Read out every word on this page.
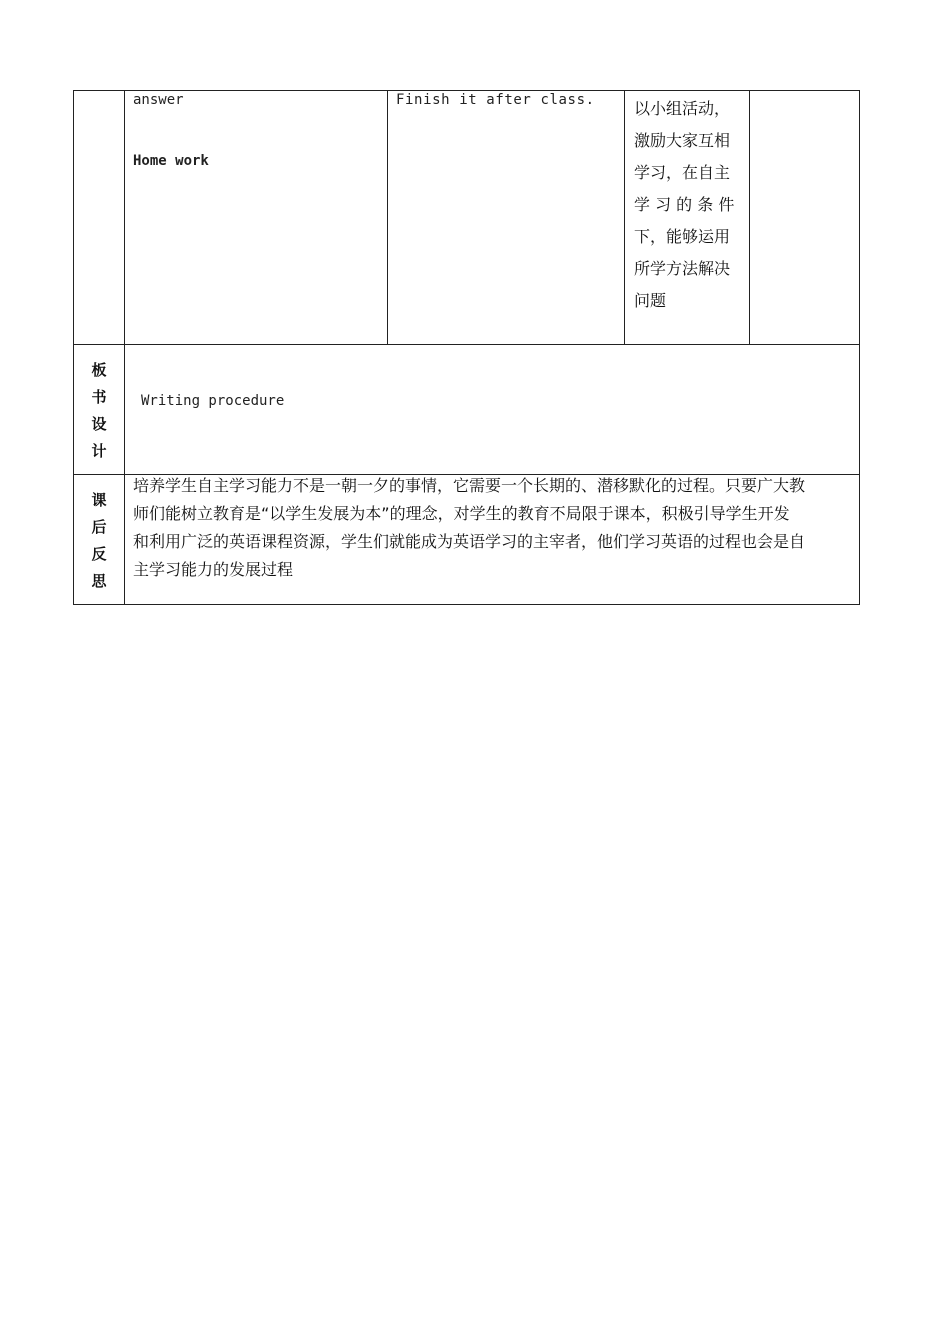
answer
Home work
Finish it after class. 以小组活动，
激励大家互相
学习，在自主
学 习 的 条 件
下，能够运用
所学方法解决
问题
板
书
设
计
Writing procedure
课
后
反
思
培养学生自主学习能力不是一朝一夕的事情，它需要一个长期的、潜移默化的过程。只要广大教
师们能树立教育是“以学生发展为本”的理念，对学生的教育不局限于课本，积极引导学生开发
和利用广泛的英语课程资源，学生们就能成为英语学习的主宰者，他们学习英语的过程也会是自
主学习能力的发展过程
